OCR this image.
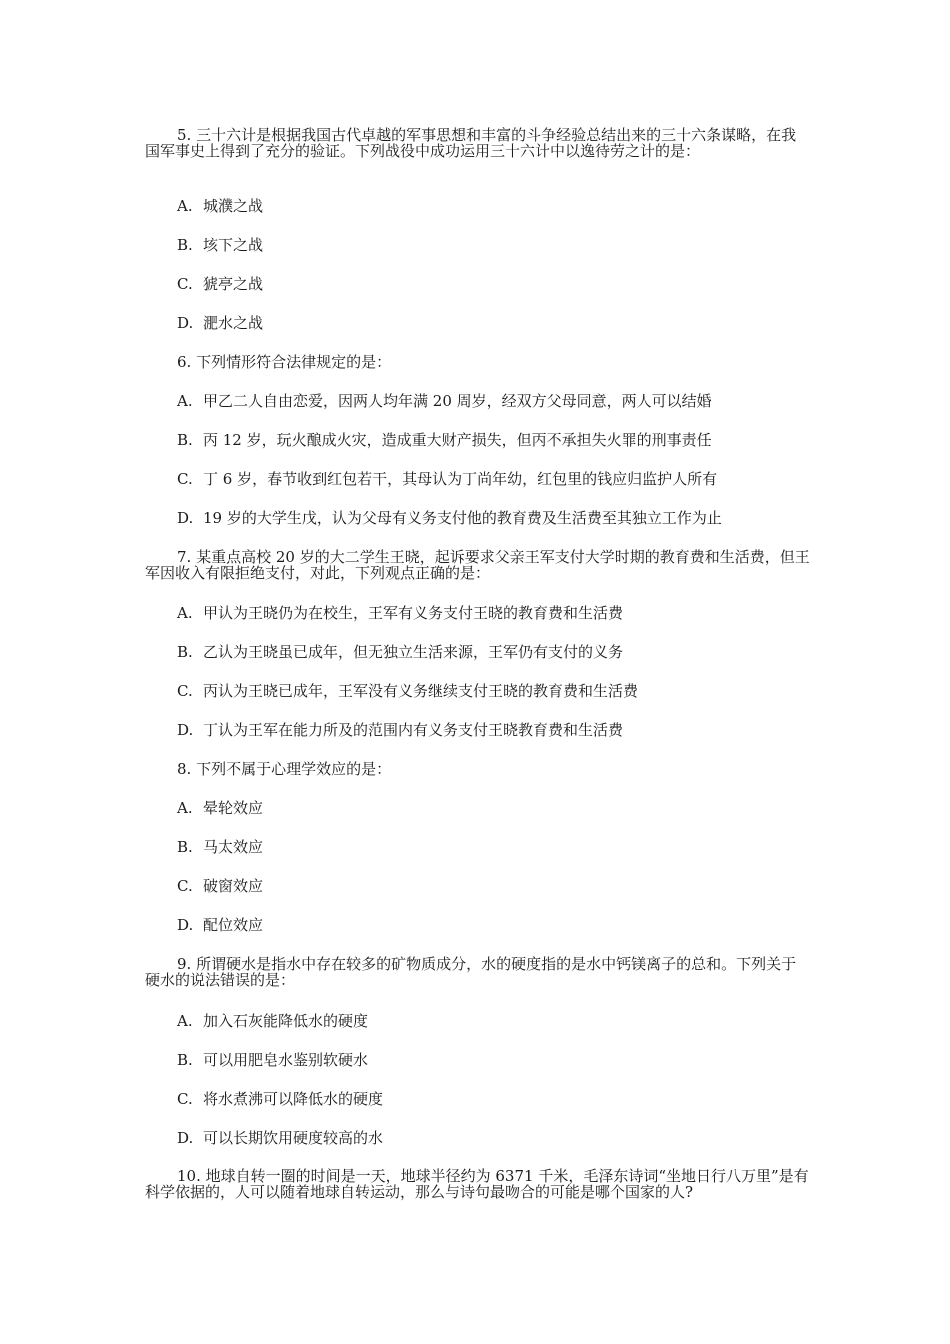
5. 三十六计是根据我国古代卓越的军事思想和丰富的斗争经验总结出来的三十六条谋略，在我国军事史上得到了充分的验证。下列战役中成功运用三十六计中以逸待劳之计的是：

A. 城濮之战

B. 垓下之战

C. 猇亭之战

D. 淝水之战

6. 下列情形符合法律规定的是：

A. 甲乙二人自由恋爱，因两人均年满 20 周岁，经双方父母同意，两人可以结婚

B. 丙 12 岁，玩火酿成火灾，造成重大财产损失，但丙不承担失火罪的刑事责任

C. 丁 6 岁，春节收到红包若干，其母认为丁尚年幼，红包里的钱应归监护人所有

D. 19 岁的大学生戊，认为父母有义务支付他的教育费及生活费至其独立工作为止

7. 某重点高校 20 岁的大二学生王晓，起诉要求父亲王军支付大学时期的教育费和生活费，但王军因收入有限拒绝支付，对此，下列观点正确的是：

A. 甲认为王晓仍为在校生，王军有义务支付王晓的教育费和生活费

B. 乙认为王晓虽已成年，但无独立生活来源，王军仍有支付的义务

C. 丙认为王晓已成年，王军没有义务继续支付王晓的教育费和生活费

D. 丁认为王军在能力所及的范围内有义务支付王晓教育费和生活费

8. 下列不属于心理学效应的是：

A. 晕轮效应

B. 马太效应

C. 破窗效应

D. 配位效应

9. 所谓硬水是指水中存在较多的矿物质成分，水的硬度指的是水中钙镁离子的总和。下列关于硬水的说法错误的是：

A. 加入石灰能降低水的硬度

B. 可以用肥皂水鉴别软硬水

C. 将水煮沸可以降低水的硬度

D. 可以长期饮用硬度较高的水

10. 地球自转一圈的时间是一天，地球半径约为 6371 千米，毛泽东诗词“坐地日行八万里”是有科学依据的，人可以随着地球自转运动，那么与诗句最吻合的可能是哪个国家的人?
